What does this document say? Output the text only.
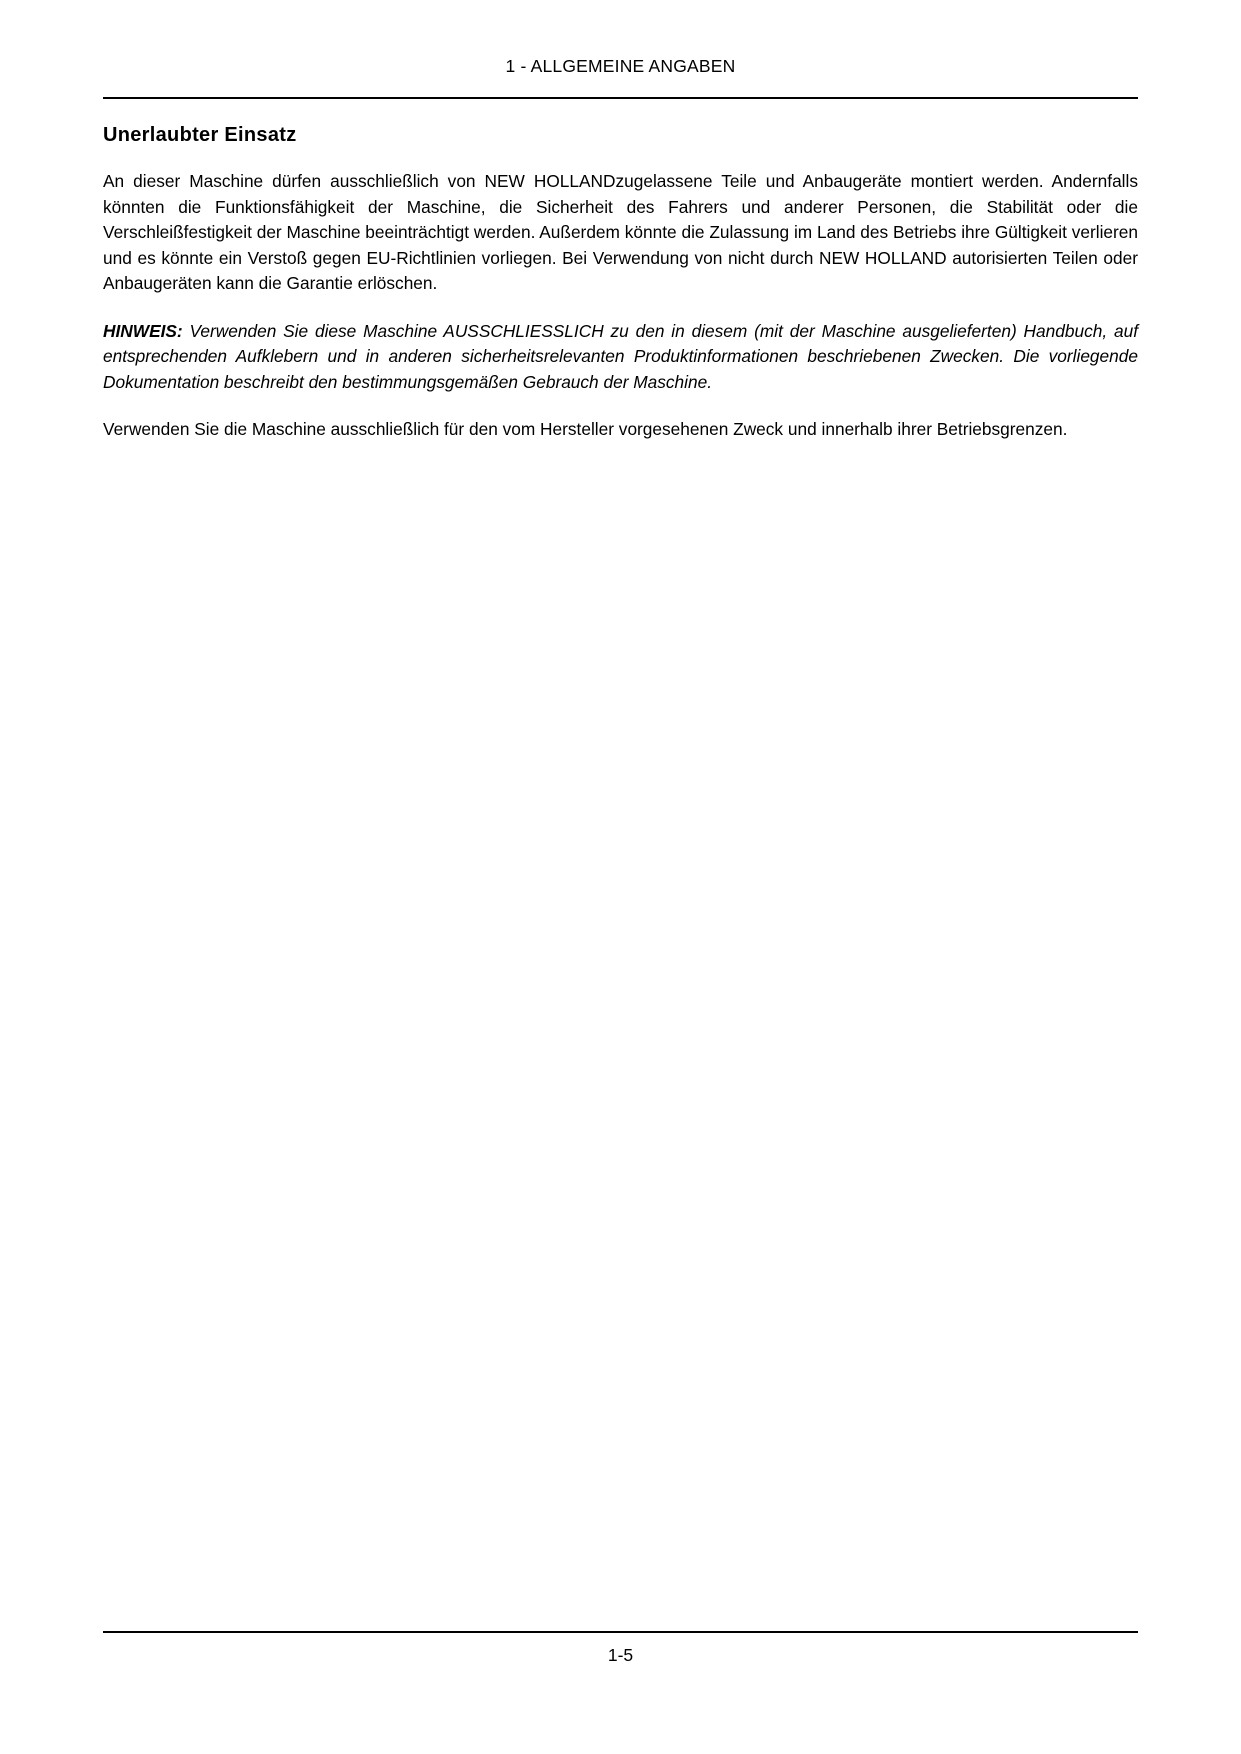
1 - ALLGEMEINE ANGABEN
Unerlaubter Einsatz

An dieser Maschine dürfen ausschließlich von NEW HOLLANDzugelassene Teile und Anbaugeräte montiert werden. Andernfalls könnten die Funktionsfähigkeit der Maschine, die Sicherheit des Fahrers und anderer Personen, die Stabilität oder die Verschleißfestigkeit der Maschine beeinträchtigt werden. Außerdem könnte die Zulassung im Land des Betriebs ihre Gültigkeit verlieren und es könnte ein Verstoß gegen EU-Richtlinien vorliegen. Bei Verwendung von nicht durch NEW HOLLAND autorisierten Teilen oder Anbaugeräten kann die Garantie erlöschen.

HINWEIS: Verwenden Sie diese Maschine AUSSCHLIESSLICH zu den in diesem (mit der Maschine ausgelieferten) Handbuch, auf entsprechenden Aufklebern und in anderen sicherheitsrelevanten Produktinformationen beschriebenen Zwecken. Die vorliegende Dokumentation beschreibt den bestimmungsgemäßen Gebrauch der Maschine.

Verwenden Sie die Maschine ausschließlich für den vom Hersteller vorgesehenen Zweck und innerhalb ihrer Betriebsgrenzen.

1-5
